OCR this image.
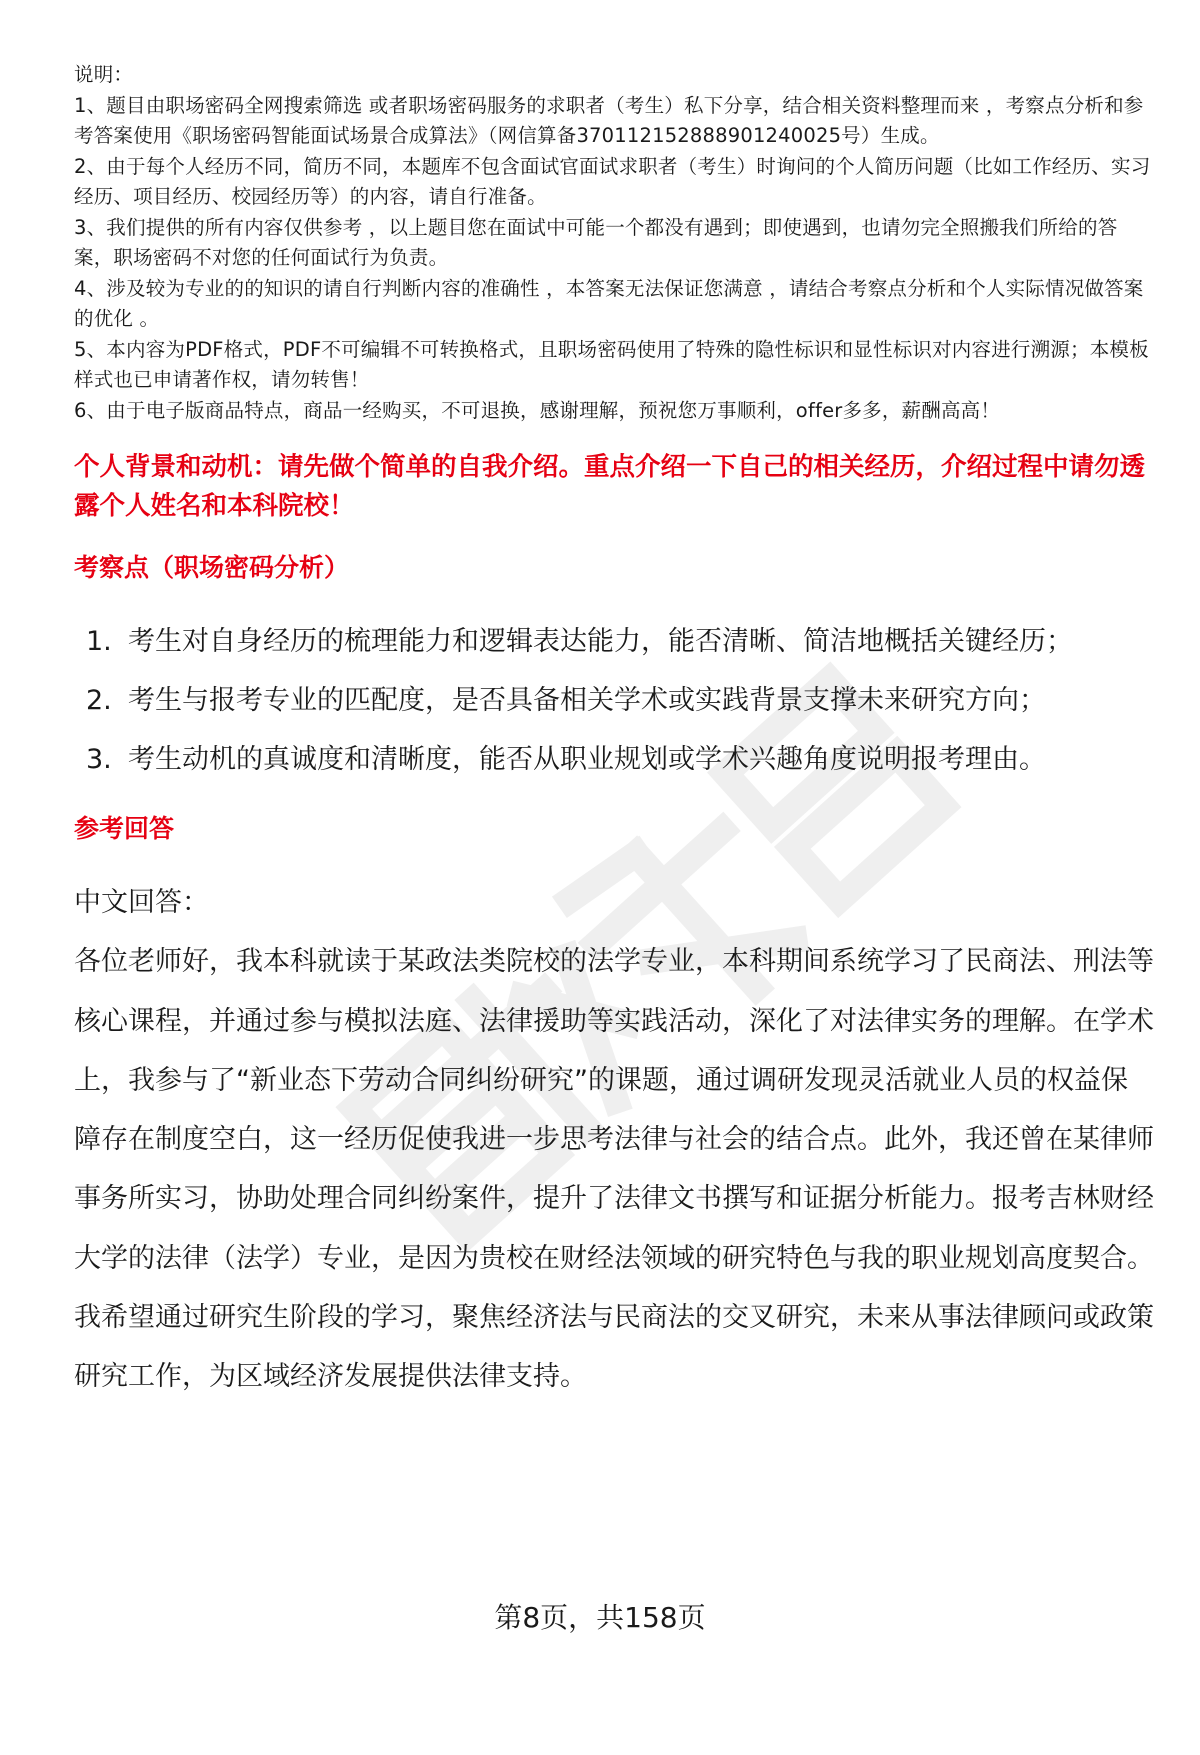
说明：

1、题目由职场密码全网搜索筛选 或者职场密码服务的求职者（考生）私下分享，结合相关资料整理而来 ，考察点分析和参考答案使用《职场密码智能面试场景合成算法》（网信算备370112152888901240025号）生成。

2、由于每个人经历不同，简历不同，本题库不包含面试官面试求职者（考生）时询问的个人简历问题（比如工作经历、实习经历、项目经历、校园经历等）的内容，请自行准备。

3、我们提供的所有内容仅供参考 ，以上题目您在面试中可能一个都没有遇到；即使遇到，也请勿完全照搬我们所给的答案，职场密码不对您的任何面试行为负责。

4、涉及较为专业的的知识的请自行判断内容的准确性 ，本答案无法保证您满意 ，请结合考察点分析和个人实际情况做答案的优化 。

5、本内容为PDF格式，PDF不可编辑不可转换格式，且职场密码使用了特殊的隐性标识和显性标识对内容进行溯源；本模板样式也已申请著作权，请勿转售！

6、由于电子版商品特点，商品一经购买，不可退换，感谢理解，预祝您万事顺利，offer多多，薪酬高高！

个人背景和动机：请先做个简单的自我介绍。重点介绍一下自己的相关经历，介绍过程中请勿透露个人姓名和本科院校！
考察点（职场密码分析）
1. 考生对自身经历的梳理能力和逻辑表达能力，能否清晰、简洁地概括关键经历；
2. 考生与报考专业的匹配度，是否具备相关学术或实践背景支撑未来研究方向；
3. 考生动机的真诚度和清晰度，能否从职业规划或学术兴趣角度说明报考理由。
参考回答

中文回答：

各位老师好，我本科就读于某政法类院校的法学专业，本科期间系统学习了民商法、刑法等核心课程，并通过参与模拟法庭、法律援助等实践活动，深化了对法律实务的理解。在学术上，我参与了“新业态下劳动合同纠纷研究”的课题，通过调研发现灵活就业人员的权益保障存在制度空白，这一经历促使我进一步思考法律与社会的结合点。此外，我还曾在某律师事务所实习，协助处理合同纠纷案件，提升了法律文书撰写和证据分析能力。报考吉林财经大学的法律（法学）专业，是因为贵校在财经法领域的研究特色与我的职业规划高度契合。我希望通过研究生阶段的学习，聚焦经济法与民商法的交叉研究，未来从事法律顾问或政策研究工作，为区域经济发展提供法律支持。

第8页，共158页
